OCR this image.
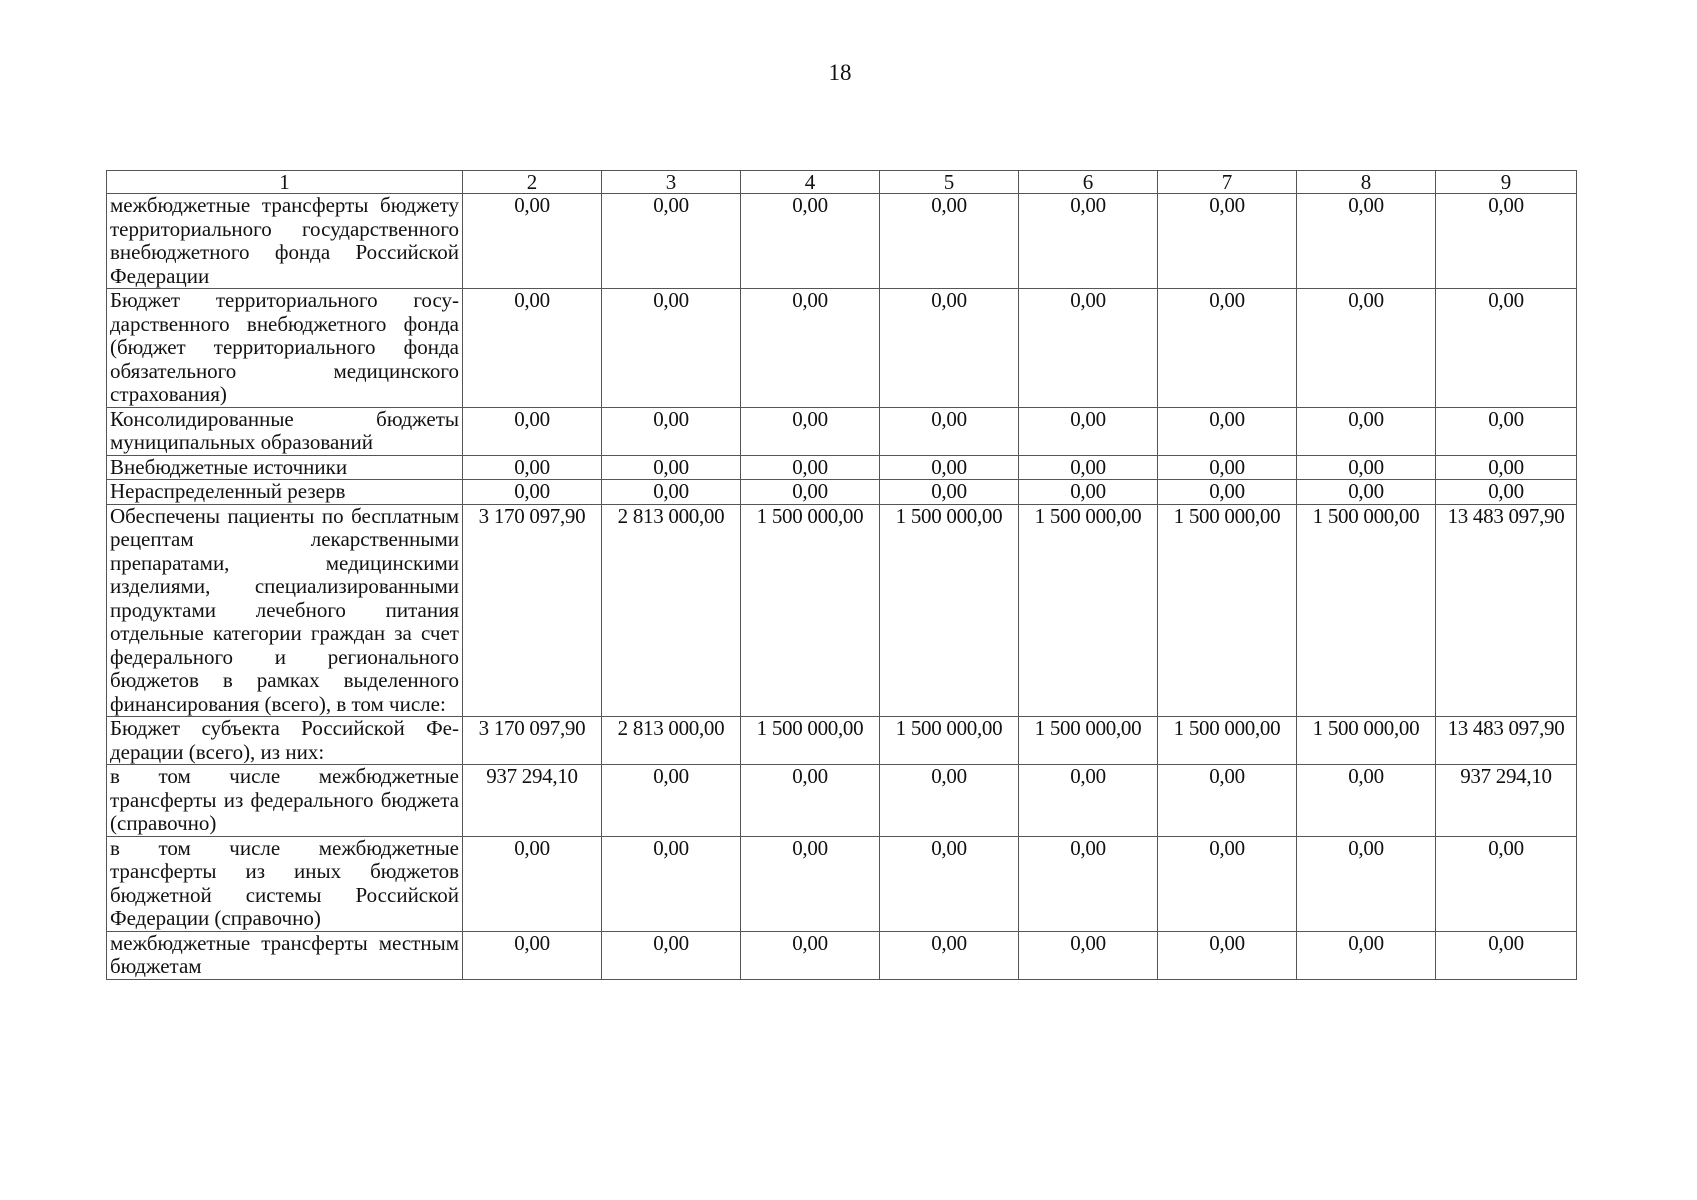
18
1	2	3	4	5	6	7	8	9
межбюджетные трансферты бюджету территориального государственного внебюджетного фонда Российской Федерации	0,00	0,00	0,00	0,00	0,00	0,00	0,00	0,00
Бюджет территориального государственного внебюджетного фонда (бюджет территориального фонда обязательного медицинского страхования)	0,00	0,00	0,00	0,00	0,00	0,00	0,00	0,00
Консолидированные бюджеты муниципальных образований	0,00	0,00	0,00	0,00	0,00	0,00	0,00	0,00
Внебюджетные источники	0,00	0,00	0,00	0,00	0,00	0,00	0,00	0,00
Нераспределенный резерв	0,00	0,00	0,00	0,00	0,00	0,00	0,00	0,00
Обеспечены пациенты по бесплатным рецептам лекарственными препаратами, медицинскими изделиями, специализированными продуктами лечебного питания отдельные категории граждан за счет федерального и регионального бюджетов в рамках выделенного финансирования (всего), в том числе:	3 170 097,90	2 813 000,00	1 500 000,00	1 500 000,00	1 500 000,00	1 500 000,00	1 500 000,00	13 483 097,90
Бюджет субъекта Российской Федерации (всего), из них:	3 170 097,90	2 813 000,00	1 500 000,00	1 500 000,00	1 500 000,00	1 500 000,00	1 500 000,00	13 483 097,90
в том числе межбюджетные трансферты из федерального бюджета (справочно)	937 294,10	0,00	0,00	0,00	0,00	0,00	0,00	937 294,10
в том числе межбюджетные трансферты из иных бюджетов бюджетной системы Российской Федерации (справочно)	0,00	0,00	0,00	0,00	0,00	0,00	0,00	0,00
межбюджетные трансферты местным бюджетам	0,00	0,00	0,00	0,00	0,00	0,00	0,00	0,00
